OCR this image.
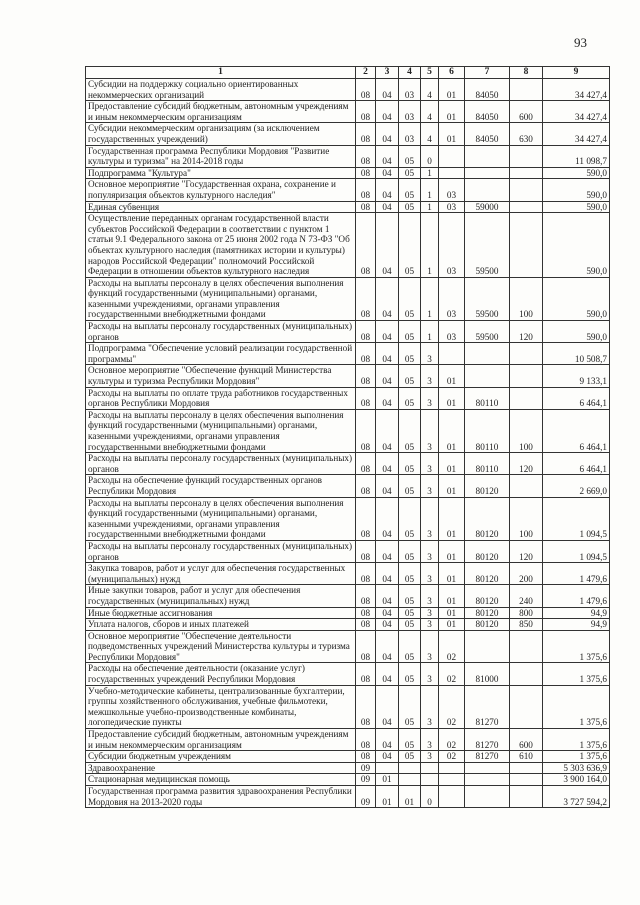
93
1	2	3	4	5	6	7	8	9
Субсидии на поддержку социально ориентированных некоммерческих организаций	08	04	03	4	01	84050		34 427,4
Предоставление субсидий бюджетным, автономным учреждениям и иным некоммерческим организациям	08	04	03	4	01	84050	600	34 427,4
Субсидии некоммерческим организациям (за исключением государственных учреждений)	08	04	03	4	01	84050	630	34 427,4
Государственная программа Республики Мордовия "Развитие культуры и туризма" на 2014-2018 годы	08	04	05	0				11 098,7
Подпрограмма "Культура"	08	04	05	1				590,0
Основное мероприятие "Государственная охрана, сохранение и популяризация объектов культурного наследия"	08	04	05	1	03			590,0
Единая субвенция	08	04	05	1	03	59000		590,0
Осуществление переданных органам государственной власти субъектов Российской Федерации в соответствии с пунктом 1 статьи 9.1 Федерального закона от 25 июня 2002 года N 73-ФЗ "Об объектах культурного наследия (памятниках истории и культуры) народов Российской Федерации" полномочий Российской Федерации в отношении объектов культурного наследия	08	04	05	1	03	59500		590,0
Расходы на выплаты персоналу в целях обеспечения выполнения функций государственными (муниципальными) органами, казенными учреждениями, органами управления государственными внебюджетными фондами	08	04	05	1	03	59500	100	590,0
Расходы на выплаты персоналу государственных (муниципальных) органов	08	04	05	1	03	59500	120	590,0
Подпрограмма "Обеспечение условий реализации государственной программы"	08	04	05	3				10 508,7
Основное мероприятие "Обеспечение функций Министерства культуры и туризма Республики Мордовия"	08	04	05	3	01			9 133,1
Расходы на выплаты по оплате труда работников государственных органов Республики Мордовия	08	04	05	3	01	80110		6 464,1
Расходы на выплаты персоналу в целях обеспечения выполнения функций государственными (муниципальными) органами, казенными учреждениями, органами управления государственными внебюджетными фондами	08	04	05	3	01	80110	100	6 464,1
Расходы на выплаты персоналу государственных (муниципальных) органов	08	04	05	3	01	80110	120	6 464,1
Расходы на обеспечение функций государственных органов Республики Мордовия	08	04	05	3	01	80120		2 669,0
Расходы на выплаты персоналу в целях обеспечения выполнения функций государственными (муниципальными) органами, казенными учреждениями, органами управления государственными внебюджетными фондами	08	04	05	3	01	80120	100	1 094,5
Расходы на выплаты персоналу государственных (муниципальных) органов	08	04	05	3	01	80120	120	1 094,5
Закупка товаров, работ и услуг для обеспечения государственных (муниципальных) нужд	08	04	05	3	01	80120	200	1 479,6
Иные закупки товаров, работ и услуг для обеспечения государственных (муниципальных) нужд	08	04	05	3	01	80120	240	1 479,6
Иные бюджетные ассигнования	08	04	05	3	01	80120	800	94,9
Уплата налогов, сборов и иных платежей	08	04	05	3	01	80120	850	94,9
Основное мероприятие "Обеспечение деятельности подведомственных учреждений Министерства культуры и туризма Республики Мордовия"	08	04	05	3	02			1 375,6
Расходы на обеспечение деятельности (оказание услуг) государственных учреждений Республики Мордовия	08	04	05	3	02	81000		1 375,6
Учебно-методические кабинеты, централизованные бухгалтерии, группы хозяйственного обслуживания, учебные фильмотеки, межшкольные учебно-производственные комбинаты, логопедические пункты	08	04	05	3	02	81270		1 375,6
Предоставление субсидий бюджетным, автономным учреждениям и иным некоммерческим организациям	08	04	05	3	02	81270	600	1 375,6
Субсидии бюджетным учреждениям	08	04	05	3	02	81270	610	1 375,6
Здравоохранение	09							5 303 636,9
Стационарная медицинская помощь	09	01						3 900 164,0
Государственная программа развития здравоохранения Республики Мордовия на 2013-2020 годы	09	01	01	0				3 727 594,2
